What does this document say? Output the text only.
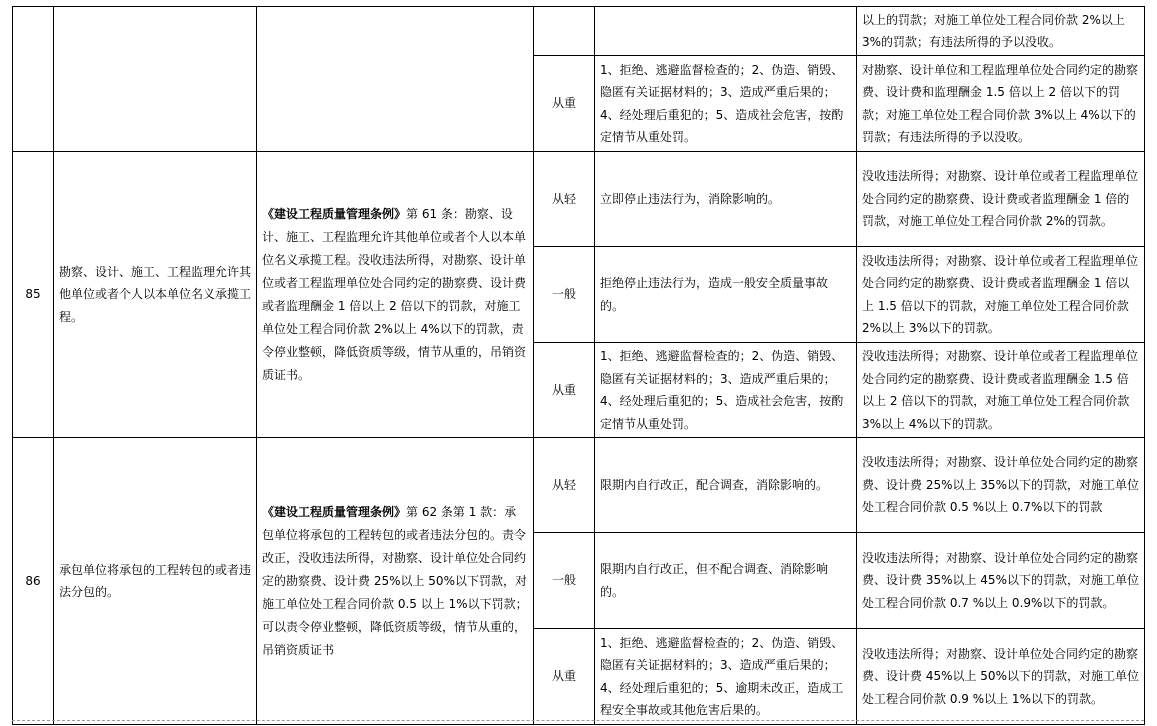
					以上的罚款；对施工单位处工程合同价款 2%以上 3%的罚款；有违法所得的予以没收。
			从重	1、拒绝、逃避监督检查的；2、伪造、销毁、隐匿有关证据材料的；3、造成严重后果的；4、经处理后重犯的；5、造成社会危害，按酌定情节从重处罚。	对勘察、设计单位和工程监理单位处合同约定的勘察费、设计费和监理酬金 1.5 倍以上 2 倍以下的罚款；对施工单位处工程合同价款 3%以上 4%以下的罚款；有违法所得的予以没收。
85	勘察、设计、施工、工程监理允许其他单位或者个人以本单位名义承揽工程。	《建设工程质量管理条例》第 61 条：勘察、设计、施工、工程监理允许其他单位或者个人以本单位名义承揽工程。没收违法所得，对勘察、设计单位或者工程监理单位处合同约定的勘察费、设计费或者监理酬金 1 倍以上 2 倍以下的罚款，对施工单位处工程合同价款 2%以上 4%以下的罚款，责令停业整顿，降低资质等级，情节从重的，吊销资质证书。	从轻	立即停止违法行为，消除影响的。	没收违法所得；对勘察、设计单位或者工程监理单位处合同约定的勘察费、设计费或者监理酬金 1 倍的罚款，对施工单位处工程合同价款 2%的罚款。
			一般	拒绝停止违法行为，造成一般安全质量事故的。	没收违法所得；对勘察、设计单位或者工程监理单位处合同约定的勘察费、设计费或者监理酬金 1 倍以上 1.5 倍以下的罚款，对施工单位处工程合同价款 2%以上 3%以下的罚款。
			从重	1、拒绝、逃避监督检查的；2、伪造、销毁、隐匿有关证据材料的；3、造成严重后果的；4、经处理后重犯的；5、造成社会危害，按酌定情节从重处罚。	没收违法所得；对勘察、设计单位或者工程监理单位处合同约定的勘察费、设计费或者监理酬金 1.5 倍以上 2 倍以下的罚款，对施工单位处工程合同价款 3%以上 4%以下的罚款。
86	承包单位将承包的工程转包的或者违法分包的。	《建设工程质量管理条例》第 62 条第 1 款：承包单位将承包的工程转包的或者违法分包的。责令改正，没收违法所得，对勘察、设计单位处合同约定的勘察费、设计费 25%以上 50%以下罚款，对施工单位处工程合同价款 0.5 以上 1%以下罚款；可以责令停业整顿，降低资质等级，情节从重的，吊销资质证书	从轻	限期内自行改正，配合调查，消除影响的。	没收违法所得；对勘察、设计单位处合同约定的勘察费、设计费 25%以上 35%以下的罚款，对施工单位处工程合同价款 0.5 %以上 0.7%以下的罚款
			一般	限期内自行改正，但不配合调查、消除影响的。	没收违法所得；对勘察、设计单位处合同约定的勘察费、设计费 35%以上 45%以下的罚款，对施工单位处工程合同价款 0.7 %以上 0.9%以下的罚款。
			从重	1、拒绝、逃避监督检查的；2、伪造、销毁、隐匿有关证据材料的；3、造成严重后果的；4、经处理后重犯的；5、逾期未改正，造成工程安全事故或其他危害后果的。	没收违法所得；对勘察、设计单位处合同约定的勘察费、设计费 45%以上 50%以下的罚款，对施工单位处工程合同价款 0.9 %以上 1%以下的罚款。
